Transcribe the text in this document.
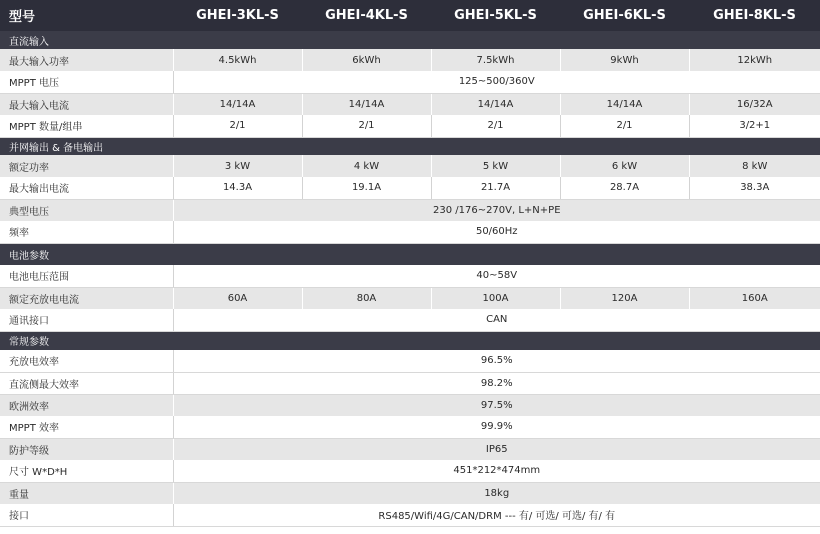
型号	GHEI-3KL-S	GHEI-4KL-S	GHEI-5KL-S	GHEI-6KL-S	GHEI-8KL-S
直流输入					
最大输入功率	4.5kWh	6kWh	7.5kWh	9kWh	12kWh
MPPT 电压	125~500/360V				
最大输入电流	14/14A	14/14A	14/14A	14/14A	16/32A
MPPT 数量/组串	2/1	2/1	2/1	2/1	3/2+1
并网输出 & 备电输出					
额定功率	3 kW	4 kW	5 kW	6 kW	8 kW
最大输出电流	14.3A	19.1A	21.7A	28.7A	38.3A
典型电压	230 /176~270V, L+N+PE				
频率	50/60Hz				
电池参数					
电池电压范围	40~58V				
额定充放电电流	60A	80A	100A	120A	160A
通讯接口	CAN				
常规参数					
充放电效率	96.5%				
直流侧最大效率	98.2%				
欧洲效率	97.5%				
MPPT 效率	99.9%				
防护等级	IP65				
尺寸 W*D*H	451*212*474mm				
重量	18kg				
接口	RS485/Wifi/4G/CAN/DRM --- 有/ 可选/ 可选/ 有/ 有				
